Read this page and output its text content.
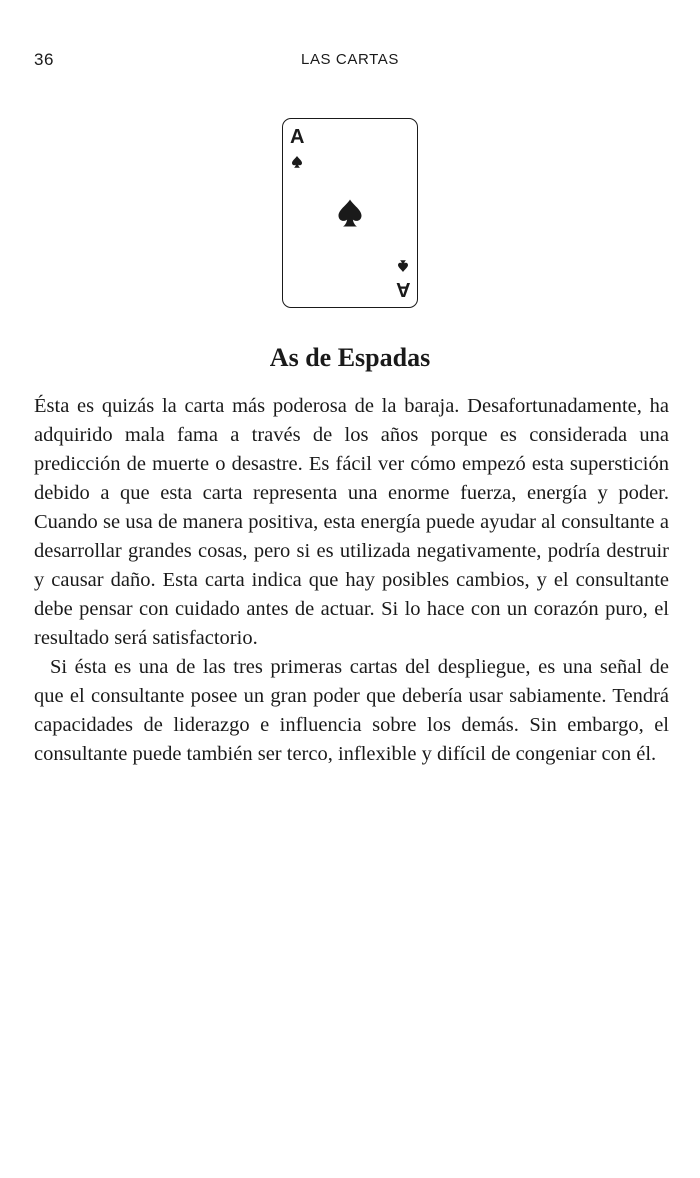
36	LAS CARTAS
A
A
As de Espadas

Ésta es quizás la carta más poderosa de la baraja. Desafortunadamente, ha adquirido mala fama a través de los años porque es considerada una predicción de muerte o desastre. Es fácil ver cómo empezó esta superstición debido a que esta carta representa una enorme fuerza, energía y poder. Cuando se usa de manera positiva, esta energía puede ayudar al consultante a desarrollar grandes cosas, pero si es utilizada negativamente, podría destruir y causar daño. Esta carta indica que hay posibles cambios, y el consultante debe pensar con cuidado antes de actuar. Si lo hace con un corazón puro, el resultado será satisfactorio.

Si ésta es una de las tres primeras cartas del despliegue, es una señal de que el consultante posee un gran poder que debería usar sabiamente. Tendrá capacidades de liderazgo e influencia sobre los demás. Sin embargo, el consultante puede también ser terco, inflexible y difícil de congeniar con él.
